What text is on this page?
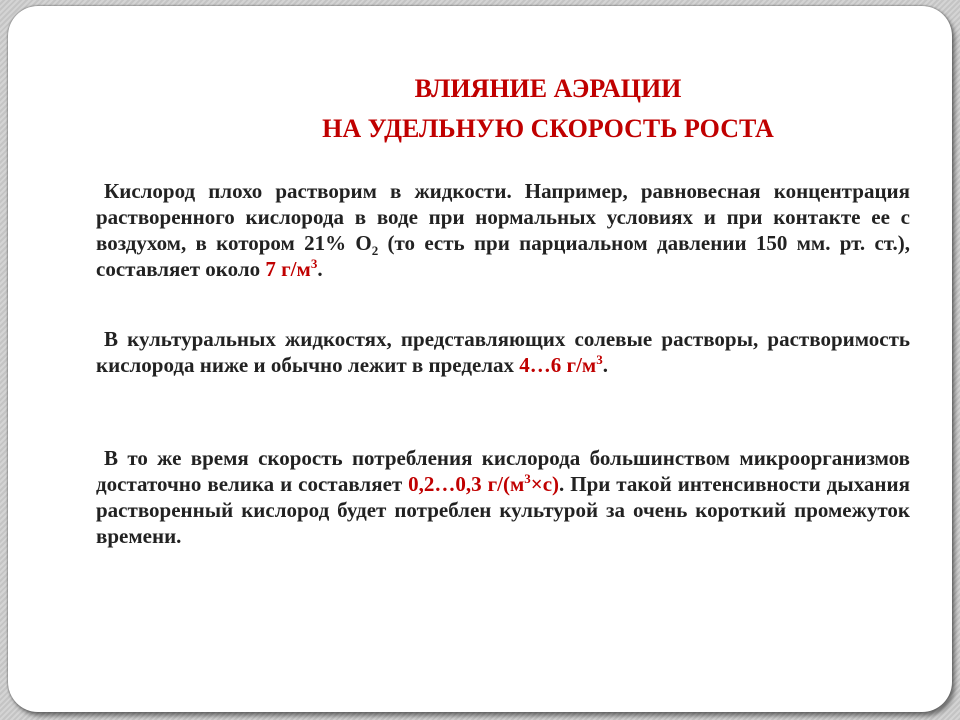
ВЛИЯНИЕ АЭРАЦИИ
НА УДЕЛЬНУЮ СКОРОСТЬ РОСТА

Кислород плохо растворим в жидкости. Например, равновесная концентрация растворенного кислорода в воде при нормальных условиях и при контакте ее с воздухом, в котором 21% $О_2$ (то есть при парциальном давлении 150 мм. рт. ст.), составляет около 7 $г/м^3$.

В культуральных жидкостях, представляющих солевые растворы, растворимость кислорода ниже и обычно лежит в пределах 4…6 $г/м^3$.

В то же время скорость потребления кислорода большинством микроорганизмов достаточно велика и составляет 0,2…0,3 $г/(м^3\times с)$. При такой интенсивности дыхания растворенный кислород будет потреблен культурой за очень короткий промежуток времени.
